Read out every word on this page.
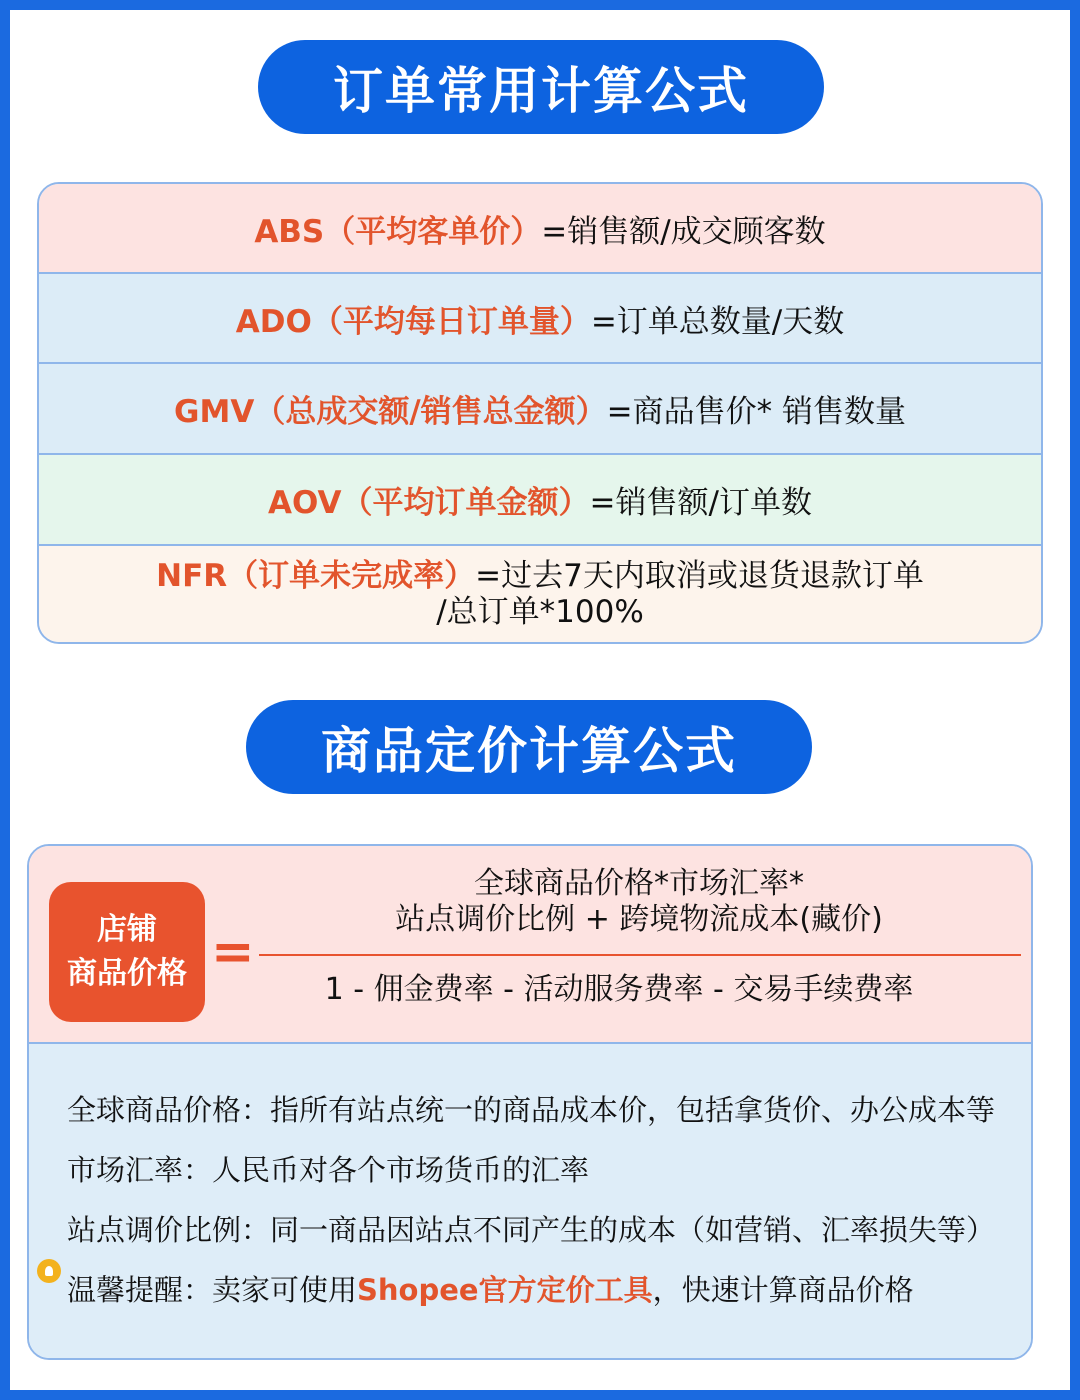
订单常用计算公式
ABS（平均客单价）=销售额/成交顾客数
ADO（平均每日订单量）=订单总数量/天数
GMV（总成交额/销售总金额）=商品售价* 销售数量
AOV（平均订单金额）=销售额/订单数
NFR（订单未完成率）=过去7天内取消或退货退款订单
/总订单*100%
商品定价计算公式
店铺
商品价格 =
全球商品价格*市场汇率*
站点调价比例 + 跨境物流成本(藏价)
1 - 佣金费率 - 活动服务费率 - 交易手续费率
全球商品价格：指所有站点统一的商品成本价，包括拿货价、办公成本等
市场汇率：人民币对各个市场货币的汇率
站点调价比例：同一商品因站点不同产生的成本（如营销、汇率损失等）
温馨提醒：卖家可使用Shopee官方定价工具，快速计算商品价格
